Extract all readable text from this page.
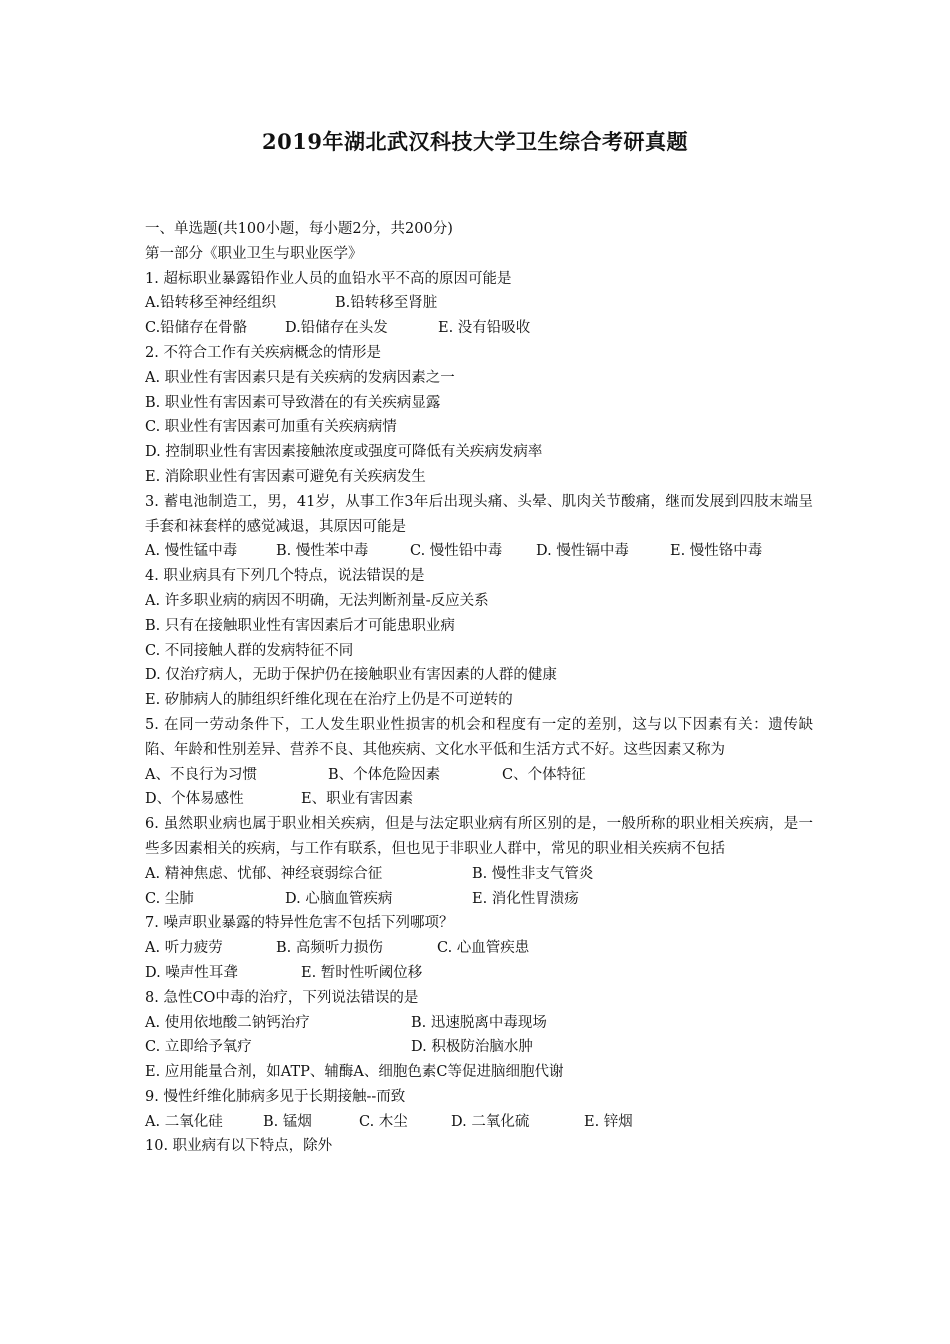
2019年湖北武汉科技大学卫生综合考研真题
一、单选题(共100小题，每小题2分，共200分)
第一部分《职业卫生与职业医学》
1. 超标职业暴露铅作业人员的血铅水平不高的原因可能是
A.铅转移至神经组织	B.铅转移至肾脏
C.铅储存在骨骼	D.铅储存在头发	E. 没有铅吸收
2. 不符合工作有关疾病概念的情形是
A. 职业性有害因素只是有关疾病的发病因素之一
B. 职业性有害因素可导致潜在的有关疾病显露
C. 职业性有害因素可加重有关疾病病情
D. 控制职业性有害因素接触浓度或强度可降低有关疾病发病率
E. 消除职业性有害因素可避免有关疾病发生
3. 蓄电池制造工，男，41岁，从事工作3年后出现头痛、头晕、肌肉关节酸痛，继而发展到四肢末端呈手套和袜套样的感觉减退，其原因可能是
A. 慢性锰中毒	B. 慢性苯中毒	C. 慢性铅中毒	D. 慢性镉中毒	E. 慢性铬中毒
4. 职业病具有下列几个特点，说法错误的是
A. 许多职业病的病因不明确，无法判断剂量-反应关系
B. 只有在接触职业性有害因素后才可能患职业病
C. 不同接触人群的发病特征不同
D. 仅治疗病人，无助于保护仍在接触职业有害因素的人群的健康
E. 矽肺病人的肺组织纤维化现在在治疗上仍是不可逆转的
5. 在同一劳动条件下，工人发生职业性损害的机会和程度有一定的差别，这与以下因素有关：遗传缺陷、年龄和性别差异、营养不良、其他疾病、文化水平低和生活方式不好。这些因素又称为
A、不良行为习惯	B、个体危险因素	C、个体特征
D、个体易感性	E、职业有害因素
6. 虽然职业病也属于职业相关疾病，但是与法定职业病有所区别的是，一般所称的职业相关疾病，是一些多因素相关的疾病，与工作有联系，但也见于非职业人群中，常见的职业相关疾病不包括
A. 精神焦虑、忧郁、神经衰弱综合征	B. 慢性非支气管炎
C. 尘肺	D. 心脑血管疾病	E. 消化性胃溃疡
7. 噪声职业暴露的特异性危害不包括下列哪项？
A. 听力疲劳	B. 高频听力损伤	C. 心血管疾患
D. 噪声性耳聋	E. 暂时性听阈位移
8. 急性CO中毒的治疗，下列说法错误的是
A. 使用依地酸二钠钙治疗	B. 迅速脱离中毒现场
C. 立即给予氧疗	D. 积极防治脑水肿
E. 应用能量合剂，如ATP、辅酶A、细胞色素C等促进脑细胞代谢
9. 慢性纤维化肺病多见于长期接触--而致
A. 二氧化硅	B. 锰烟	C. 木尘	D. 二氧化硫	E. 锌烟
10. 职业病有以下特点，除外
